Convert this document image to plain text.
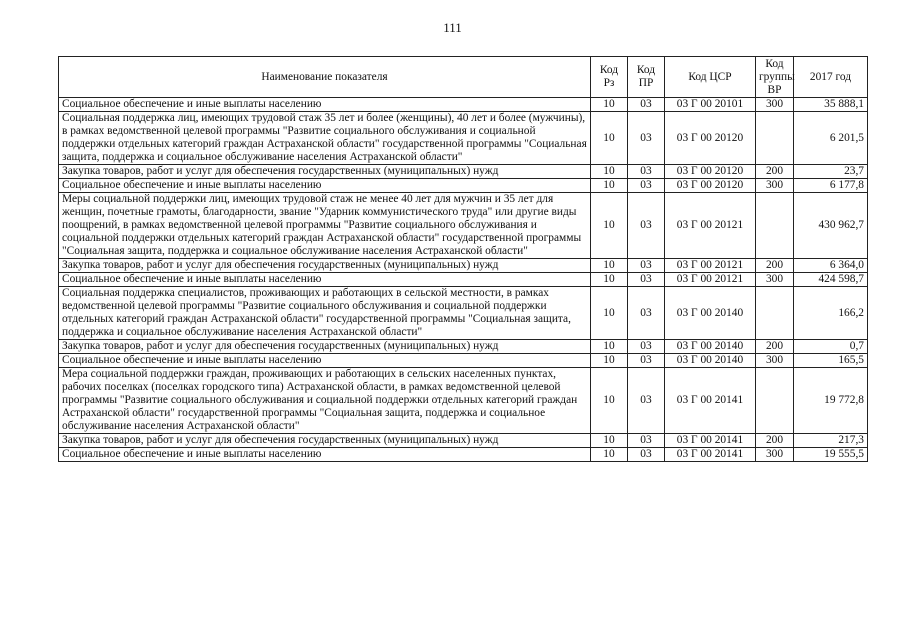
111
Наименование показателя	Код Рз	Код ПР	Код ЦСР	Код группы ВР	2017 год
Социальное обеспечение и иные выплаты населению	10	03	03 Г 00 20101	300	35 888,1
Социальная поддержка лиц, имеющих трудовой стаж 35 лет и более (женщины), 40 лет и более (мужчины), в рамках ведомственной целевой программы "Развитие социального обслуживания и социальной поддержки отдельных категорий граждан Астраханской области" государственной программы "Социальная защита, поддержка и социальное обслуживание населения Астраханской области"	10	03	03 Г 00 20120		6 201,5
Закупка товаров, работ и услуг для обеспечения государственных (муниципальных) нужд	10	03	03 Г 00 20120	200	23,7
Социальное обеспечение и иные выплаты населению	10	03	03 Г 00 20120	300	6 177,8
Меры социальной поддержки лиц, имеющих трудовой стаж не менее 40 лет для мужчин и 35 лет для женщин, почетные грамоты, благодарности, звание "Ударник коммунистического труда" или другие виды поощрений, в рамках ведомственной целевой программы "Развитие социального обслуживания и социальной поддержки отдельных категорий граждан Астраханской области" государственной программы "Социальная защита, поддержка и социальное обслуживание населения Астраханской области"	10	03	03 Г 00 20121		430 962,7
Закупка товаров, работ и услуг для обеспечения государственных (муниципальных) нужд	10	03	03 Г 00 20121	200	6 364,0
Социальное обеспечение и иные выплаты населению	10	03	03 Г 00 20121	300	424 598,7
Социальная поддержка специалистов, проживающих и работающих в сельской местности, в рамках ведомственной целевой программы "Развитие социального обслуживания и социальной поддержки отдельных категорий граждан Астраханской области" государственной программы "Социальная защита, поддержка и социальное обслуживание населения Астраханской области"	10	03	03 Г 00 20140		166,2
Закупка товаров, работ и услуг для обеспечения государственных (муниципальных) нужд	10	03	03 Г 00 20140	200	0,7
Социальное обеспечение и иные выплаты населению	10	03	03 Г 00 20140	300	165,5
Мера социальной поддержки граждан, проживающих и работающих в сельских населенных пунктах, рабочих поселках (поселках городского типа) Астраханской области, в рамках ведомственной целевой программы "Развитие социального обслуживания и социальной поддержки отдельных категорий граждан Астраханской области" государственной программы "Социальная защита, поддержка и социальное обслуживание населения Астраханской области"	10	03	03 Г 00 20141		19 772,8
Закупка товаров, работ и услуг для обеспечения государственных (муниципальных) нужд	10	03	03 Г 00 20141	200	217,3
Социальное обеспечение и иные выплаты населению	10	03	03 Г 00 20141	300	19 555,5
